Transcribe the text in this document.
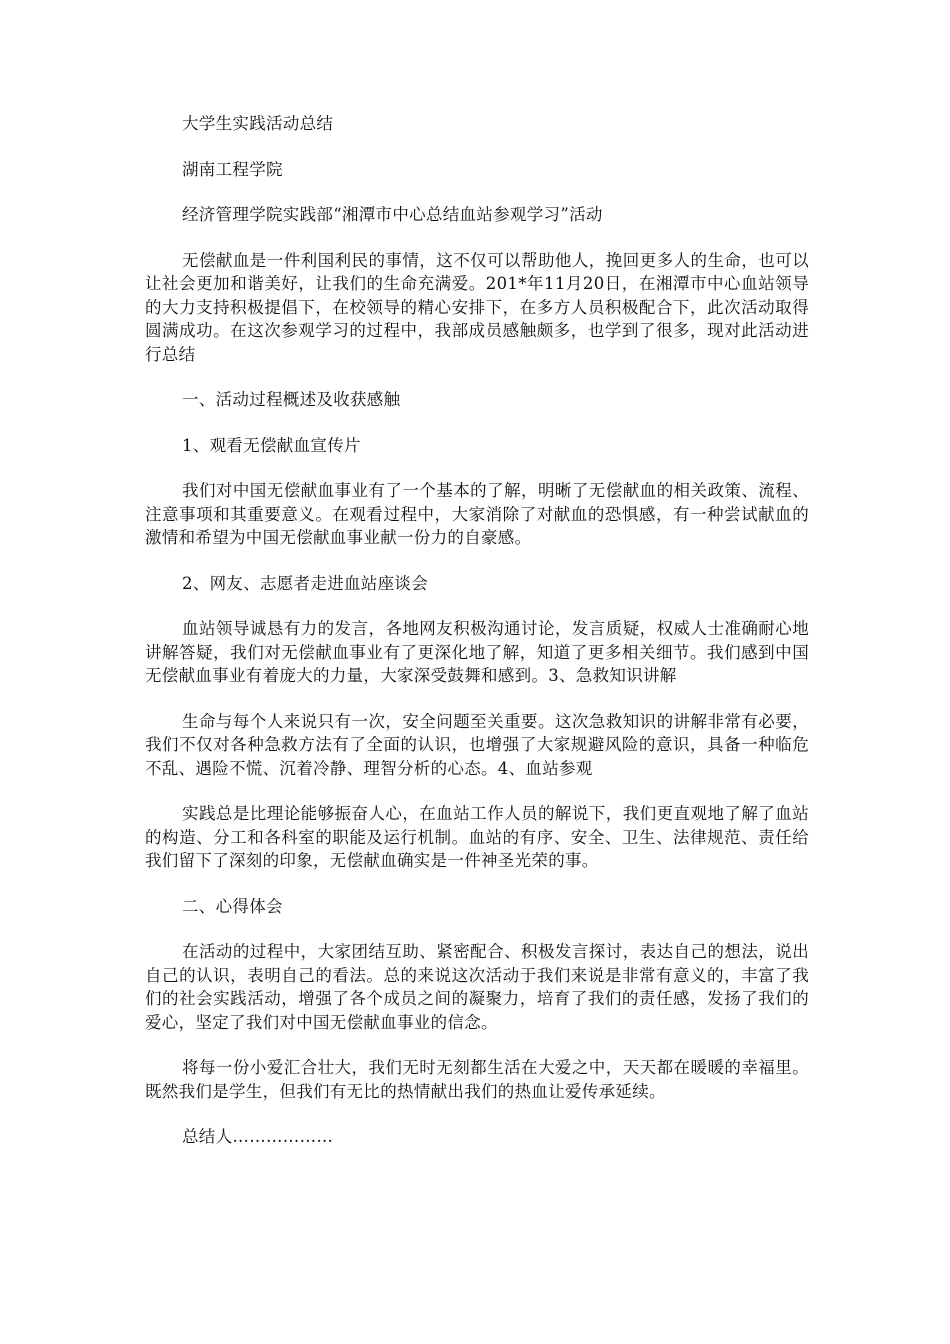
大学生实践活动总结

湖南工程学院

经济管理学院实践部“湘潭市中心总结血站参观学习”活动

无偿献血是一件利国利民的事情，这不仅可以帮助他人，挽回更多人的生命，也可以让社会更加和谐美好，让我们的生命充满爱。201*年11月20日，在湘潭市中心血站领导的大力支持积极提倡下，在校领导的精心安排下，在多方人员积极配合下，此次活动取得圆满成功。在这次参观学习的过程中，我部成员感触颇多，也学到了很多，现对此活动进行总结

一、活动过程概述及收获感触

1、观看无偿献血宣传片

我们对中国无偿献血事业有了一个基本的了解，明晰了无偿献血的相关政策、流程、注意事项和其重要意义。在观看过程中，大家消除了对献血的恐惧感，有一种尝试献血的激情和希望为中国无偿献血事业献一份力的自豪感。

2、网友、志愿者走进血站座谈会

血站领导诚恳有力的发言，各地网友积极沟通讨论，发言质疑，权威人士准确耐心地讲解答疑，我们对无偿献血事业有了更深化地了解，知道了更多相关细节。我们感到中国无偿献血事业有着庞大的力量，大家深受鼓舞和感到。3、急救知识讲解

生命与每个人来说只有一次，安全问题至关重要。这次急救知识的讲解非常有必要，我们不仅对各种急救方法有了全面的认识，也增强了大家规避风险的意识，具备一种临危不乱、遇险不慌、沉着冷静、理智分析的心态。4、血站参观

实践总是比理论能够振奋人心，在血站工作人员的解说下，我们更直观地了解了血站的构造、分工和各科室的职能及运行机制。血站的有序、安全、卫生、法律规范、责任给我们留下了深刻的印象，无偿献血确实是一件神圣光荣的事。

二、心得体会

在活动的过程中，大家团结互助、紧密配合、积极发言探讨，表达自己的想法，说出自己的认识，表明自己的看法。总的来说这次活动于我们来说是非常有意义的，丰富了我们的社会实践活动，增强了各个成员之间的凝聚力，培育了我们的责任感，发扬了我们的爱心，坚定了我们对中国无偿献血事业的信念。

将每一份小爱汇合壮大，我们无时无刻都生活在大爱之中，天天都在暖暖的幸福里。既然我们是学生，但我们有无比的热情献出我们的热血让爱传承延续。

总结人………………
